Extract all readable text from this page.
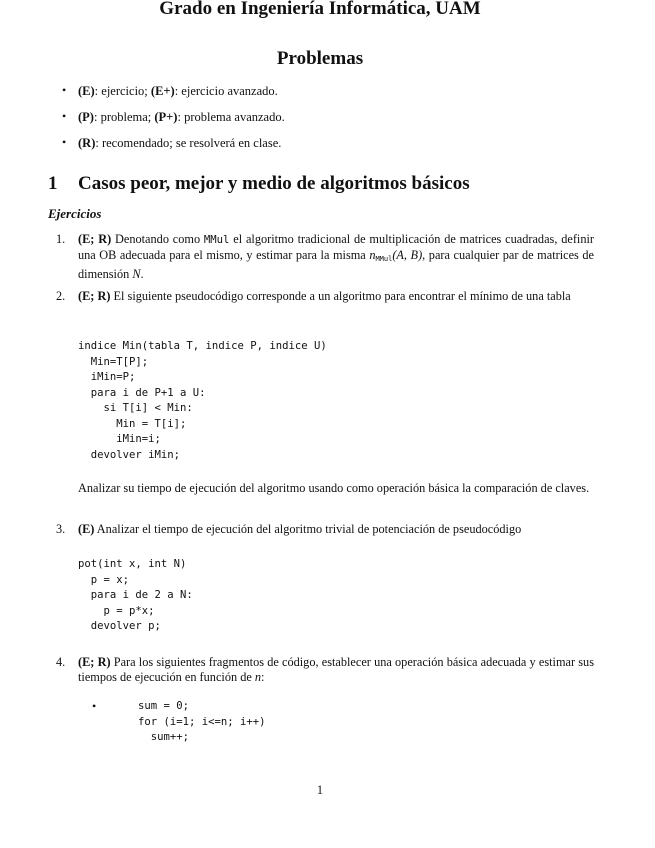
Grado en Ingeniería Informática, UAM
Problemas
• (E): ejercicio; (E+): ejercicio avanzado.
• (P): problema; (P+): problema avanzado.
• (R): recomendado; se resolverá en clase.
1 Casos peor, mejor y medio de algoritmos básicos
Ejercicios
1. (E; R) Denotando como MMul el algoritmo tradicional de multiplicación de matrices cuadradas, definir una OB adecuada para el mismo, y estimar para la misma nMMul(A, B), para cualquier par de matrices de dimensión N.
2. (E; R) El siguiente pseudocódigo corresponde a un algoritmo para encontrar el mínimo de una tabla
indice Min(tabla T, indice P, indice U)
Min=T[P];
iMin=P;
para i de P+1 a U:
si T[i] < Min:
Min = T[i];
iMin=i;
devolver iMin;
Analizar su tiempo de ejecución del algoritmo usando como operación básica la comparación de claves.
3. (E) Analizar el tiempo de ejecución del algoritmo trivial de potenciación de pseudocódigo
pot(int x, int N)
p = x;
para i de 2 a N:
p = p*x;
devolver p;
4. (E; R) Para los siguientes fragmentos de código, establecer una operación básica adecuada y estimar sus tiempos de ejecución en función de n:
•	sum = 0;
for (i=1; i<=n; i++)
sum++;
1
